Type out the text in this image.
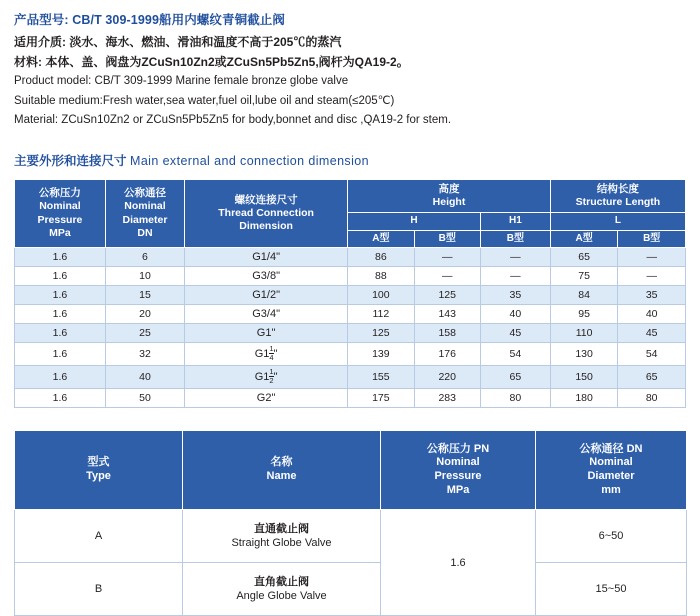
产品型号: CB/T 309-1999船用内螺纹青铜截止阀

适用介质: 淡水、海水、燃油、滑油和温度不高于205℃的蒸汽

材料: 本体、盖、阀盘为ZCuSn10Zn2或ZCuSn5Pb5Zn5,阀杆为QA19-2。

Product model: CB/T 309-1999 Marine female bronze globe valve

Suitable medium:Fresh water,sea water,fuel oil,lube oil and steam(≤205℃)

Material: ZCuSn10Zn2 or ZCuSn5Pb5Zn5 for body,bonnet and disc ,QA19-2 for stem.

主要外形和连接尺寸 Main external and connection dimension
公称压力
Nominal
Pressure
MPa

公称通径
Nominal
Diameter
DN

螺纹连接尺寸
Thread Connection
Dimension

高度
Height

结构长度
Structure Length

			H		H1	L	
			A型	B型	B型	A型	B型
1.6	6	G1/4"	86	—	—	65	—
1.6	10	G3/8"	88	—	—	75	—
1.6	15	G1/2"	100	125	35	84	35
1.6	20	G3/4"	112	143	40	95	40
1.6	25	G1"	125	158	45	110	45
1.6	32	$G1 \frac{1}{4}$ "	139	176	54	130	54
1.6	40	$G1 \frac{1}{2}$ "	155	220	65	150	65
1.6	50	G2"	175	283	80	180	80
型式
Type

名称
Name

公称压力 PN
Nominal
Pressure
MPa

公称通径 DN
Nominal
Diameter
mm

A	直通截止阀
Straight Globe Valve	1.6	6~50
B	直角截止阀
Angle Globe Valve		15~50
